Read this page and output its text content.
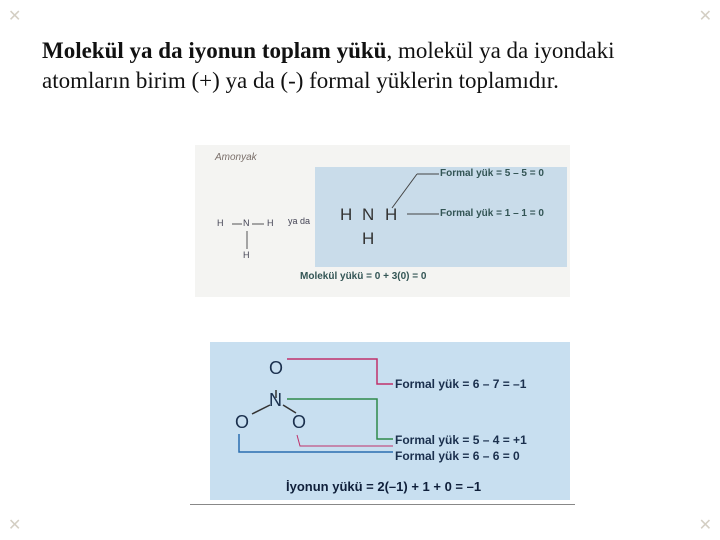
✕	✕
✕	✕

Molekül ya da iyonun toplam yükü, molekül ya da iyondaki atomların birim (+) ya da (-) formal yüklerin toplamıdır.

Amonyak
H N H
H
ya da H N H
H
Formal yük = 5 – 5 = 0
Formal yük = 1 – 1 = 0
Molekül yükü = 0 + 3(0) = 0
O
N
O O
Formal yük = 6 – 7 = –1
Formal yük = 5 – 4 = +1
Formal yük = 6 – 6 = 0
İyonun yükü = 2(–1) + 1 + 0 = –1
